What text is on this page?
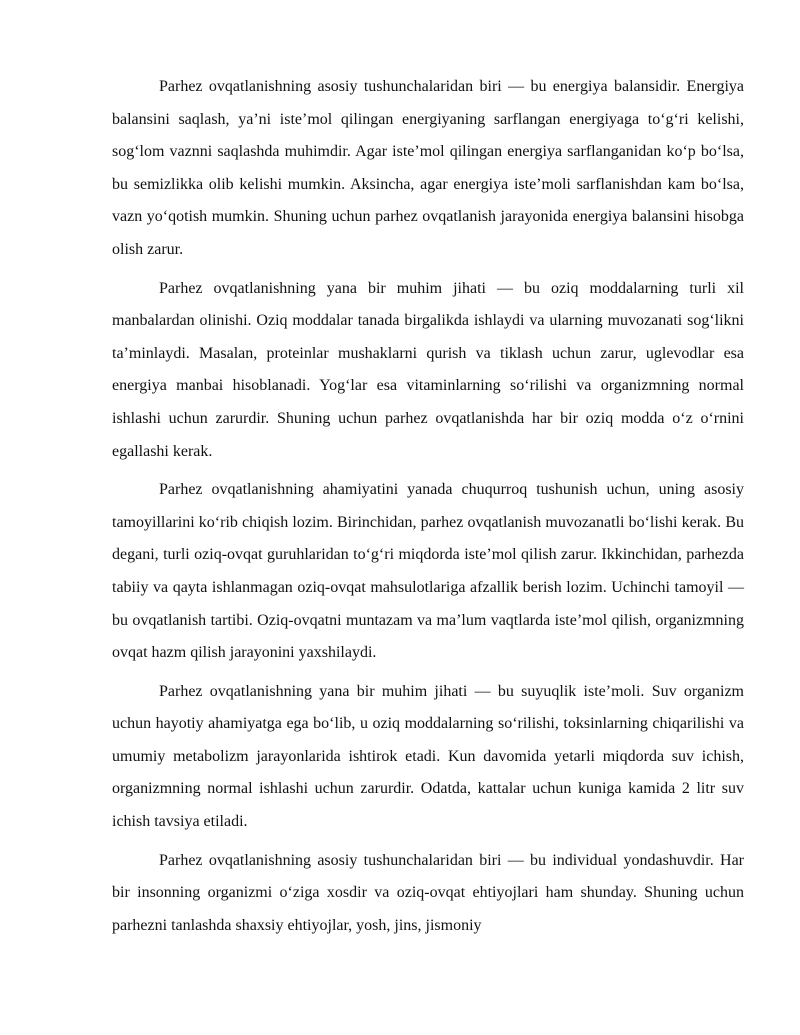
Parhez ovqatlanishning asosiy tushunchalaridan biri — bu energiya balansidir. Energiya balansini saqlash, ya’ni iste’mol qilingan energiyaning sarflangan energiyaga to‘g‘ri kelishi, sog‘lom vaznni saqlashda muhimdir. Agar iste’mol qilingan energiya sarflanganidan ko‘p bo‘lsa, bu semizlikka olib kelishi mumkin. Aksincha, agar energiya iste’moli sarflanishdan kam bo‘lsa, vazn yo‘qotish mumkin. Shuning uchun parhez ovqatlanish jarayonida energiya balansini hisobga olish zarur.

Parhez ovqatlanishning yana bir muhim jihati — bu oziq moddalarning turli xil manbalardan olinishi. Oziq moddalar tanada birgalikda ishlaydi va ularning muvozanati sog‘likni ta’minlaydi. Masalan, proteinlar mushaklarni qurish va tiklash uchun zarur, uglevodlar esa energiya manbai hisoblanadi. Yog‘lar esa vitaminlarning so‘rilishi va organizmning normal ishlashi uchun zarurdir. Shuning uchun parhez ovqatlanishda har bir oziq modda o‘z o‘rnini egallashi kerak.

Parhez ovqatlanishning ahamiyatini yanada chuqurroq tushunish uchun, uning asosiy tamoyillarini ko‘rib chiqish lozim. Birinchidan, parhez ovqatlanish muvozanatli bo‘lishi kerak. Bu degani, turli oziq-ovqat guruhlaridan to‘g‘ri miqdorda iste’mol qilish zarur. Ikkinchidan, parhezda tabiiy va qayta ishlanmagan oziq-ovqat mahsulotlariga afzallik berish lozim. Uchinchi tamoyil — bu ovqatlanish tartibi. Oziq-ovqatni muntazam va ma’lum vaqtlarda iste’mol qilish, organizmning ovqat hazm qilish jarayonini yaxshilaydi.

Parhez ovqatlanishning yana bir muhim jihati — bu suyuqlik iste’moli. Suv organizm uchun hayotiy ahamiyatga ega bo‘lib, u oziq moddalarning so‘rilishi, toksinlarning chiqarilishi va umumiy metabolizm jarayonlarida ishtirok etadi. Kun davomida yetarli miqdorda suv ichish, organizmning normal ishlashi uchun zarurdir. Odatda, kattalar uchun kuniga kamida 2 litr suv ichish tavsiya etiladi.

Parhez ovqatlanishning asosiy tushunchalaridan biri — bu individual yondashuvdir. Har bir insonning organizmi o‘ziga xosdir va oziq-ovqat ehtiyojlari ham shunday. Shuning uchun parhezni tanlashda shaxsiy ehtiyojlar, yosh, jins, jismoniy
